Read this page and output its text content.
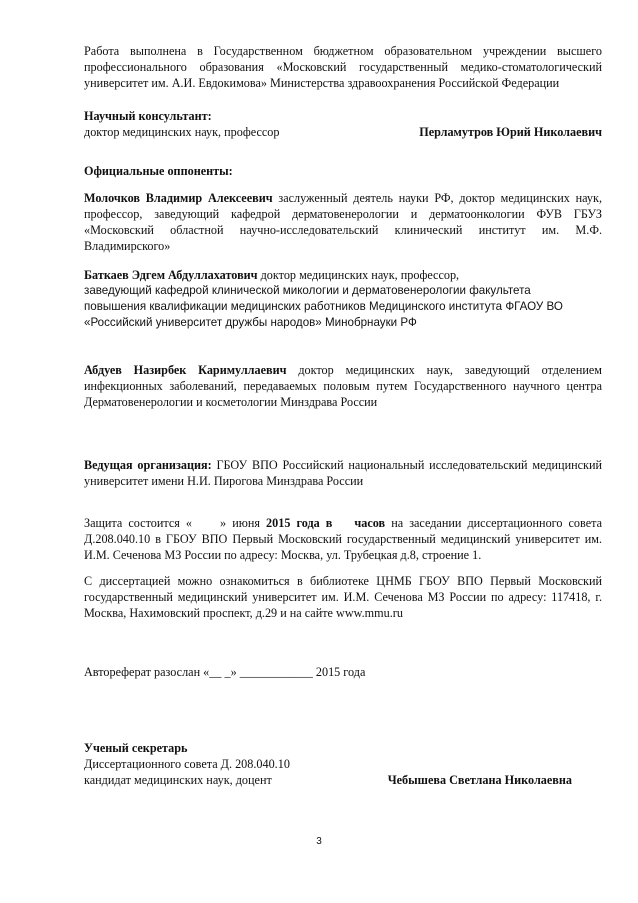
Работа выполнена в Государственном бюджетном образовательном учреждении высшего профессионального образования «Московский государственный медико-стоматологический университет им. А.И. Евдокимова» Министерства здравоохранения Российской Федерации
Научный консультант:
доктор медицинских наук, профессор	Перламутров Юрий Николаевич
Официальные оппоненты:
Молочков Владимир Алексеевич заслуженный деятель науки РФ, доктор медицинских наук, профессор, заведующий кафедрой дерматовенерологии и дерматоонкологии ФУВ ГБУЗ «Московский областной научно-исследовательский клинический институт им. М.Ф. Владимирского»
Баткаев Эдгем Абдуллахатович доктор медицинских наук, профессор,
заведующий кафедрой клинической микологии и дерматовенерологии факультета
повышения квалификации медицинских работников Медицинского института ФГАОУ ВО
«Российский университет дружбы народов» Минобрнауки РФ
Абдуев Назирбек Каримуллаевич доктор медицинских наук, заведующий отделением инфекционных заболеваний, передаваемых половым путем Государственного научного центра Дерматовенерологии и косметологии Минздрава России
Ведущая организация: ГБОУ ВПО Российский национальный исследовательский медицинский университет имени Н.И. Пирогова Минздрава России
Защита состоится « » июня 2015 года в часов на заседании диссертационного совета Д.208.040.10 в ГБОУ ВПО Первый Московский государственный медицинский университет им. И.М. Сеченова МЗ России по адресу: Москва, ул. Трубецкая д.8, строение 1.
С диссертацией можно ознакомиться в библиотеке ЦНМБ ГБОУ ВПО Первый Московский государственный медицинский университет им. И.М. Сеченова МЗ России по адресу: 117418, г. Москва, Нахимовский проспект, д.29 и на сайте www.mmu.ru
Автореферат разослан «__ _» ____________ 2015 года
Ученый секретарь
Диссертационного совета Д. 208.040.10
кандидат медицинских наук, доцент	Чебышева Светлана Николаевна
3
